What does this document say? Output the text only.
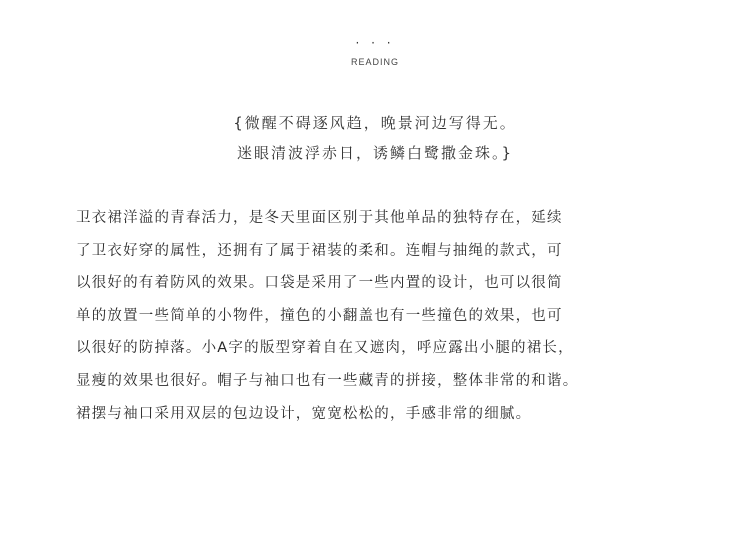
· · ·
READING
{微醒不碍逐风趋，晚景河边写得无。
迷眼清波浮赤日，诱鳞白鹭撒金珠。}
卫衣裙洋溢的青春活力，是冬天里面区别于其他单品的独特存在，延续
了卫衣好穿的属性，还拥有了属于裙装的柔和。连帽与抽绳的款式，可
以很好的有着防风的效果。口袋是采用了一些内置的设计，也可以很简
单的放置一些简单的小物件，撞色的小翻盖也有一些撞色的效果，也可
以很好的防掉落。小A字的版型穿着自在又遮肉，呼应露出小腿的裙长，
显瘦的效果也很好。帽子与袖口也有一些藏青的拼接，整体非常的和谐。
裙摆与袖口采用双层的包边设计，宽宽松松的，手感非常的细腻。
